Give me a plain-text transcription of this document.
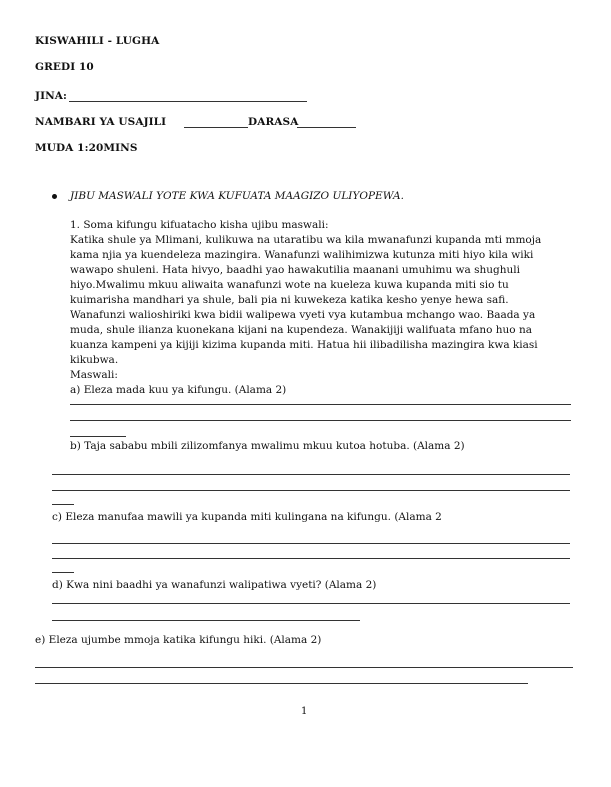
KISWAHILI - LUGHA
GREDI 10
JINA:
NAMBARI YA USAJILI	DARASA
MUDA 1:20MINS
JIBU MASWALI YOTE KWA KUFUATA MAAGIZO ULIYOPEWA.
1. Soma kifungu kifuatacho kisha ujibu maswali:
Katika shule ya Mlimani, kulikuwa na utaratibu wa kila mwanafunzi kupanda mti mmoja
kama njia ya kuendeleza mazingira. Wanafunzi walihimizwa kutunza miti hiyo kila wiki
wawapo shuleni. Hata hivyo, baadhi yao hawakutilia maanani umuhimu wa shughuli
hiyo.Mwalimu mkuu aliwaita wanafunzi wote na kueleza kuwa kupanda miti sio tu
kuimarisha mandhari ya shule, bali pia ni kuwekeza katika kesho yenye hewa safi.
Wanafunzi walioshiriki kwa bidii walipewa vyeti vya kutambua mchango wao. Baada ya
muda, shule ilianza kuonekana kijani na kupendeza. Wanakijiji walifuata mfano huo na
kuanza kampeni ya kijiji kizima kupanda miti. Hatua hii ilibadilisha mazingira kwa kiasi
kikubwa.
Maswali:
a) Eleza mada kuu ya kifungu. (Alama 2)
b) Taja sababu mbili zilizomfanya mwalimu mkuu kutoa hotuba. (Alama 2)
c) Eleza manufaa mawili ya kupanda miti kulingana na kifungu. (Alama 2
d) Kwa nini baadhi ya wanafunzi walipatiwa vyeti? (Alama 2)
e) Eleza ujumbe mmoja katika kifungu hiki. (Alama 2)
1
